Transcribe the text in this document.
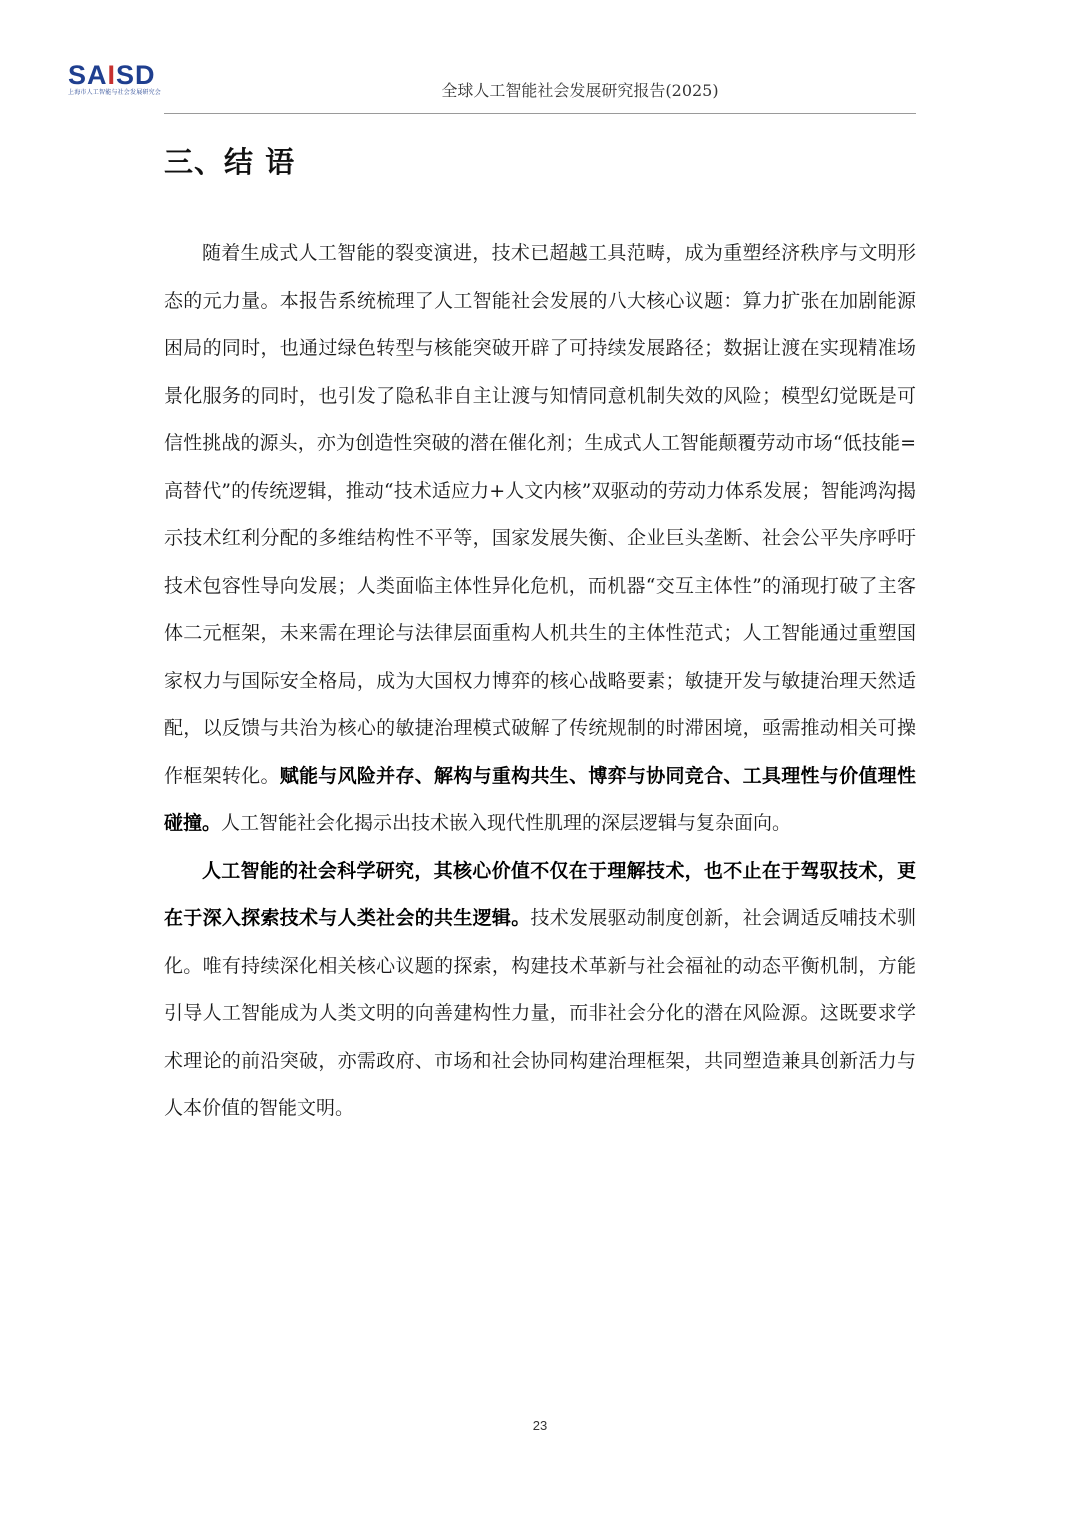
SAISD
上海市人工智能与社会发展研究会	全球人工智能社会发展研究报告(2025)
三、结 语

随着生成式人工智能的裂变演进，技术已超越工具范畴，成为重塑经济秩序与文明形态的元力量。本报告系统梳理了人工智能社会发展的八大核心议题：算力扩张在加剧能源困局的同时，也通过绿色转型与核能突破开辟了可持续发展路径；数据让渡在实现精准场景化服务的同时，也引发了隐私非自主让渡与知情同意机制失效的风险；模型幻觉既是可信性挑战的源头，亦为创造性突破的潜在催化剂；生成式人工智能颠覆劳动市场“低技能=高替代”的传统逻辑，推动“技术适应力+人文内核”双驱动的劳动力体系发展；智能鸿沟揭示技术红利分配的多维结构性不平等，国家发展失衡、企业巨头垄断、社会公平失序呼吁技术包容性导向发展；人类面临主体性异化危机，而机器“交互主体性”的涌现打破了主客体二元框架，未来需在理论与法律层面重构人机共生的主体性范式；人工智能通过重塑国家权力与国际安全格局，成为大国权力博弈的核心战略要素；敏捷开发与敏捷治理天然适配，以反馈与共治为核心的敏捷治理模式破解了传统规制的时滞困境，亟需推动相关可操作框架转化。赋能与风险并存、解构与重构共生、博弈与协同竞合、工具理性与价值理性碰撞。人工智能社会化揭示出技术嵌入现代性肌理的深层逻辑与复杂面向。

人工智能的社会科学研究，其核心价值不仅在于理解技术，也不止在于驾驭技术，更在于深入探索技术与人类社会的共生逻辑。技术发展驱动制度创新，社会调适反哺技术驯化。唯有持续深化相关核心议题的探索，构建技术革新与社会福祉的动态平衡机制，方能引导人工智能成为人类文明的向善建构性力量，而非社会分化的潜在风险源。这既要求学术理论的前沿突破，亦需政府、市场和社会协同构建治理框架，共同塑造兼具创新活力与人本价值的智能文明。

23
